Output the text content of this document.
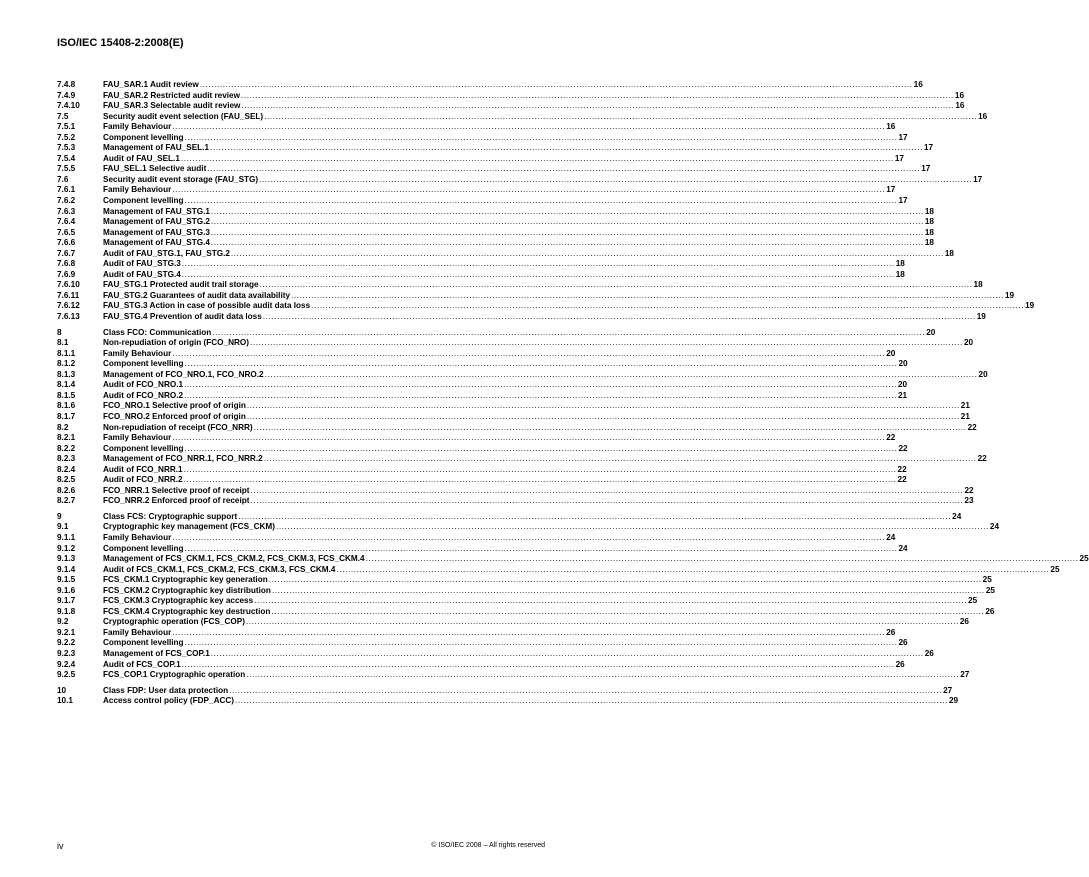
ISO/IEC 15408-2:2008(E)
7.4.8	FAU_SAR.1 Audit review .....	16
7.4.9	FAU_SAR.2 Restricted audit review .....	16
7.4.10	FAU_SAR.3 Selectable audit review .....	16
7.5	Security audit event selection (FAU_SEL) .....	16
7.5.1	Family Behaviour .....	16
7.5.2	Component levelling .....	17
7.5.3	Management of FAU_SEL.1 .....	17
7.5.4	Audit of FAU_SEL.1 .....	17
7.5.5	FAU_SEL.1 Selective audit .....	17
7.6	Security audit event storage (FAU_STG) .....	17
7.6.1	Family Behaviour .....	17
7.6.2	Component levelling .....	17
7.6.3	Management of FAU_STG.1 .....	18
7.6.4	Management of FAU_STG.2 .....	18
7.6.5	Management of FAU_STG.3 .....	18
7.6.6	Management of FAU_STG.4 .....	18
7.6.7	Audit of FAU_STG.1, FAU_STG.2 .....	18
7.6.8	Audit of FAU_STG.3 .....	18
7.6.9	Audit of FAU_STG.4 .....	18
7.6.10	FAU_STG.1 Protected audit trail storage .....	18
7.6.11	FAU_STG.2 Guarantees of audit data availability .....	19
7.6.12	FAU_STG.3 Action in case of possible audit data loss .....	19
7.6.13	FAU_STG.4 Prevention of audit data loss .....	19
8	Class FCO: Communication .....	20
8.1	Non-repudiation of origin (FCO_NRO) .....	20
8.1.1	Family Behaviour .....	20
8.1.2	Component levelling .....	20
8.1.3	Management of FCO_NRO.1, FCO_NRO.2 .....	20
8.1.4	Audit of FCO_NRO.1 .....	20
8.1.5	Audit of FCO_NRO.2 .....	21
8.1.6	FCO_NRO.1 Selective proof of origin .....	21
8.1.7	FCO_NRO.2 Enforced proof of origin .....	21
8.2	Non-repudiation of receipt (FCO_NRR) .....	22
8.2.1	Family Behaviour .....	22
8.2.2	Component levelling .....	22
8.2.3	Management of FCO_NRR.1, FCO_NRR.2 .....	22
8.2.4	Audit of FCO_NRR.1 .....	22
8.2.5	Audit of FCO_NRR.2 .....	22
8.2.6	FCO_NRR.1 Selective proof of receipt .....	22
8.2.7	FCO_NRR.2 Enforced proof of receipt .....	23
9	Class FCS: Cryptographic support .....	24
9.1	Cryptographic key management (FCS_CKM) .....	24
9.1.1	Family Behaviour .....	24
9.1.2	Component levelling .....	24
9.1.3	Management of FCS_CKM.1, FCS_CKM.2, FCS_CKM.3, FCS_CKM.4 .....	25
9.1.4	Audit of FCS_CKM.1, FCS_CKM.2, FCS_CKM.3, FCS_CKM.4 .....	25
9.1.5	FCS_CKM.1 Cryptographic key generation .....	25
9.1.6	FCS_CKM.2 Cryptographic key distribution .....	25
9.1.7	FCS_CKM.3 Cryptographic key access .....	25
9.1.8	FCS_CKM.4 Cryptographic key destruction .....	26
9.2	Cryptographic operation (FCS_COP) .....	26
9.2.1	Family Behaviour .....	26
9.2.2	Component levelling .....	26
9.2.3	Management of FCS_COP.1 .....	26
9.2.4	Audit of FCS_COP.1 .....	26
9.2.5	FCS_COP.1 Cryptographic operation .....	27
10	Class FDP: User data protection .....	27
10.1	Access control policy (FDP_ACC) .....	29
iv	© ISO/IEC 2008 – All rights reserved
